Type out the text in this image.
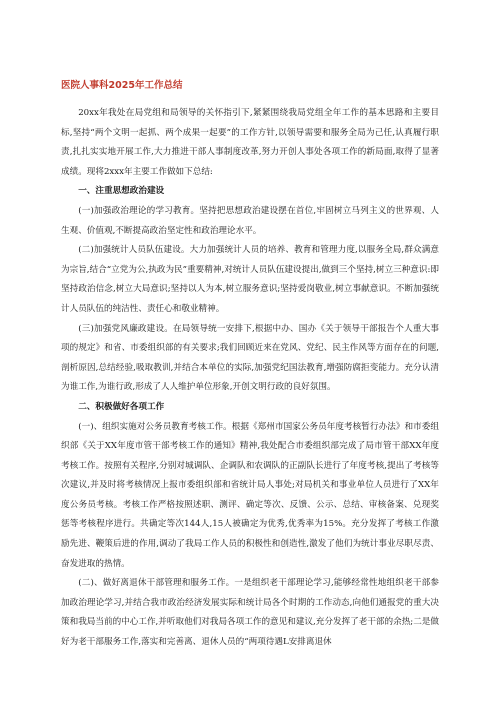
医院人事科2025年工作总结

20xx年我处在局党组和局领导的关怀指引下,紧紧围绕我局党组全年工作的基本思路和主要目标,坚持“两个文明一起抓、两个成果一起要”的工作方针,以领导需要和服务全局为己任,认真履行职责,扎扎实实地开展工作,大力推进干部人事制度改革,努力开创人事处各项工作的新局面,取得了显著成绩。现将2xxx年主要工作做如下总结:

一、注重思想政治建设

(一)加强政治理论的学习教育。坚持把思想政治建设摆在首位,牢固树立马列主义的世界观、人生观、价值观,不断提高政治坚定性和政治理论水平。

(二)加强统计人员队伍建设。大力加强统计人员的培养、教育和管理力度,以服务全局,群众满意为宗旨,结合“立党为公,执政为民”重要精神,对统计人员队伍建设提出,做到三个坚持,树立三种意识:即坚持政治信念,树立大局意识;坚持以人为本,树立服务意识;坚持爱岗敬业,树立事献意识。不断加强统计人员队伍的纯洁性、责任心和敬业精神。

(三)加强党风廉政建设。在局领导统一安排下,根据中办、国办《关于领导干部报告个人重大事项的规定》和省、市委组织部的有关要求;我们回顾近来在党风、党纪、民主作风等方面存在的问题,剖析原因,总结经验,吸取教训,并结合本单位的实际,加强党纪国法教育,增强防腐拒变能力。充分认清为谁工作,为谁行政,形成了人人维护单位形象,开创文明行政的良好氛围。

二、积极做好各项工作

(一)、组织实施对公务员教育考核工作。根据《郑州市国家公务员年度考核暂行办法》和市委组织部《关于XX年度市管干部考核工作的通知》精神,我处配合市委组织部完成了局市管干部XX年度考核工作。按照有关程序,分别对城调队、企调队和农调队的正副队长进行了年度考核,提出了考核等次建议,并及时将考核情况上报市委组织部和省统计局人事处;对局机关和事业单位人员进行了XX年度公务员考核。考核工作严格按照述职、测评、确定等次、反馈、公示、总结、审核备案、兑现奖惩等考核程序进行。共确定等次144人,15人被确定为优秀,优秀率为15%。充分发挥了考核工作激励先进、鞭策后进的作用,调动了我局工作人员的积极性和创造性,激发了他们为统计事业尽职尽责、奋发进取的热情。

(二)、做好离退休干部管理和服务工作。一是组织老干部理论学习,能够经常性地组织老干部参加政治理论学习,并结合我市政治经济发展实际和统计局各个时期的工作动态,向他们通报党的重大决策和我局当前的中心工作,并听取他们对我局各项工作的意见和建议,充分发挥了老干部的余热;二是做好为老干部服务工作,落实和完善离、退休人员的“两项待遇L安排离退休
